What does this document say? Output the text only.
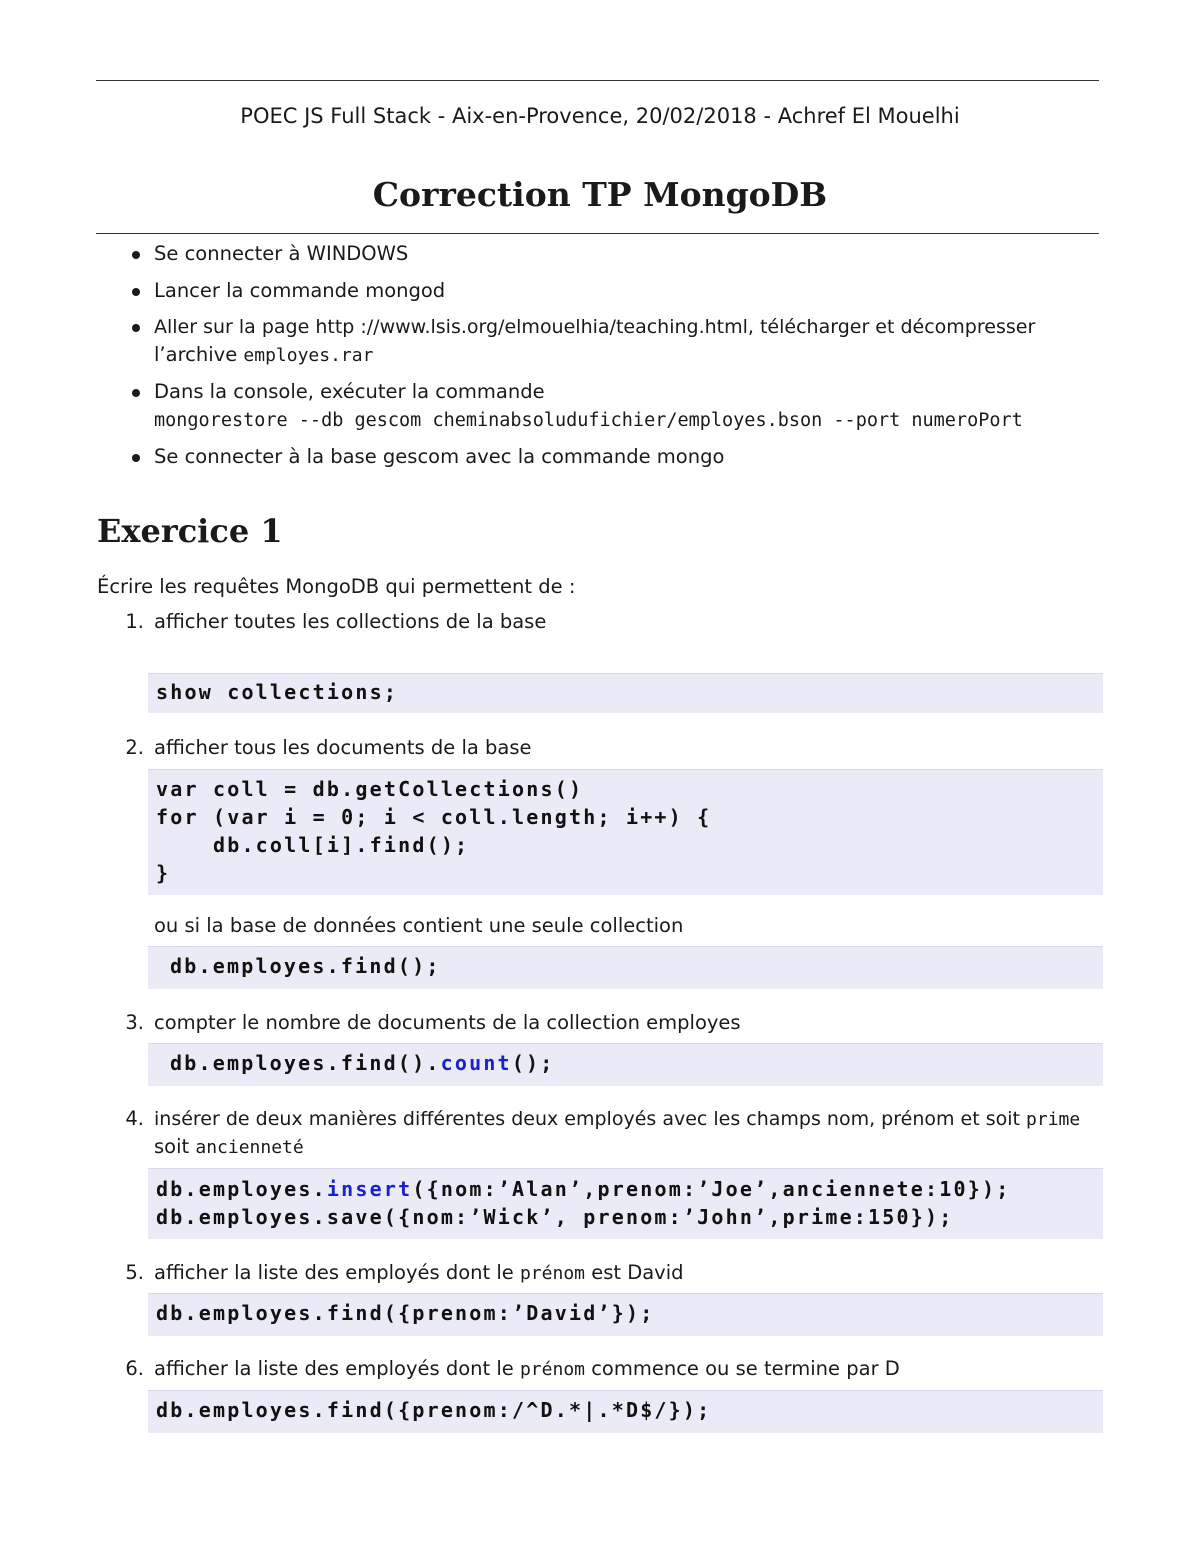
POEC JS Full Stack - Aix-en-Provence, 20/02/2018 - Achref El Mouelhi
Correction TP MongoDB
Se connecter à WINDOWS
Lancer la commande mongod
Aller sur la page http ://www.lsis.org/elmouelhia/teaching.html, télécharger et décompresser
l’archive employes.rar
Dans la console, exécuter la commande
mongorestore --db gescom cheminabsoludufichier/employes.bson --port numeroPort
Se connecter à la base gescom avec la commande mongo
Exercice 1
Écrire les requêtes MongoDB qui permettent de :
1. afficher toutes les collections de la base
show collections;
2. afficher tous les documents de la base
var coll = db.getCollections()
for (var i = 0; i < coll.length; i++) {
db.coll[i].find();
}
ou si la base de données contient une seule collection
db.employes.find();
3. compter le nombre de documents de la collection employes
db.employes.find().count();
4. insérer de deux manières différentes deux employés avec les champs nom, prénom et soit prime
soit ancienneté
db.employes.insert({nom:’Alan’,prenom:’Joe’,anciennete:10});
db.employes.save({nom:’Wick’, prenom:’John’,prime:150});
5. afficher la liste des employés dont le prénom est David
db.employes.find({prenom:’David’});
6. afficher la liste des employés dont le prénom commence ou se termine par D
db.employes.find({prenom:/^D.*|.*D$/});
